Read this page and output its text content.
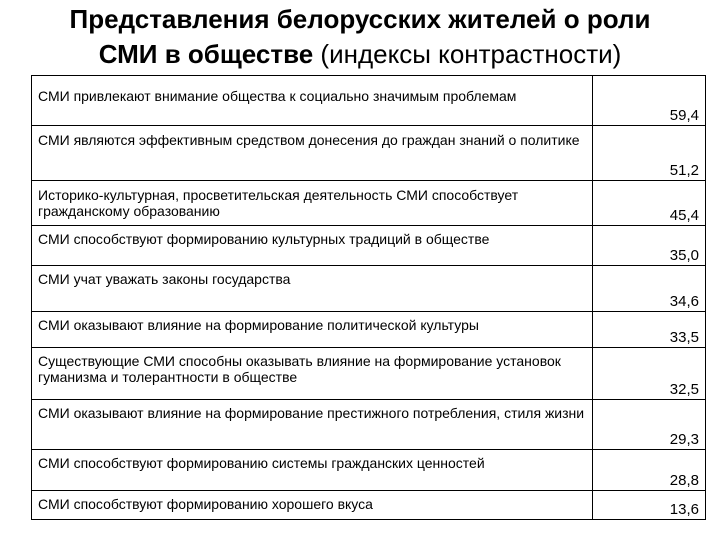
Представления белорусских жителей о роли
СМИ в обществе (индексы контрастности)
СМИ привлекают внимание общества к социально значимым проблемам	59,4

СМИ являются эффективным средством донесения до граждан знаний о политике	51,2

Историко-культурная, просветительская деятельность СМИ способствует гражданскому образованию	45,4

СМИ способствуют формированию культурных традиций в обществе	35,0

СМИ учат уважать законы государства	34,6

СМИ оказывают влияние на формирование политической культуры	33,5

Существующие СМИ способны оказывать влияние на формирование установок гуманизма и толерантности в обществе	32,5

СМИ оказывают влияние на формирование престижного потребления, стиля жизни	29,3

СМИ способствуют формированию системы гражданских ценностей	28,8

СМИ способствуют формированию хорошего вкуса	13,6
